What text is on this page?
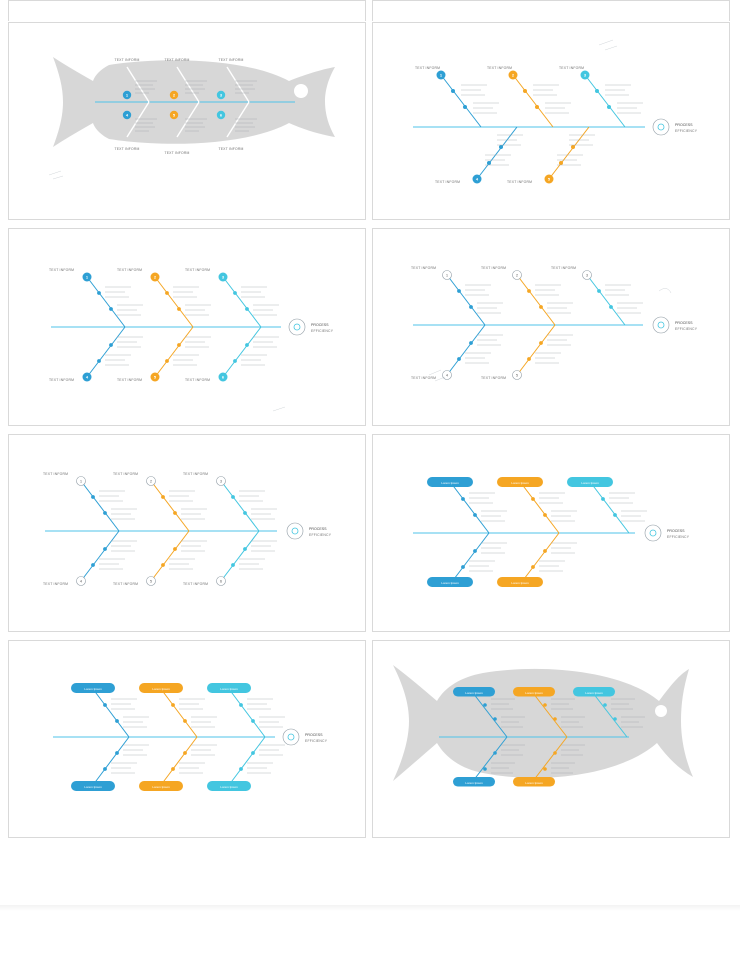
1	2	3
4	5	6
TEXT INFORM	TEXT INFORM	TEXT INFORM
TEXT INFORM
TEXT INFORM
TEXT INFORM
1	2	3
4	5
TEXT INFORM	TEXT INFORM	TEXT INFORM
TEXT INFORM	TEXT INFORM
PROCESS
EFFICIENCY
1	2	3
4	5	6
TEXT INFORM	TEXT INFORM	TEXT INFORM
TEXT INFORM	TEXT INFORM	TEXT INFORM
PROCESS
EFFICIENCY
1	2	3
4	5
TEXT INFORM	TEXT INFORM	TEXT INFORM
TEXT INFORM	TEXT INFORM
PROCESS
EFFICIENCY
1	2	3
4	5	6
TEXT INFORM	TEXT INFORM	TEXT INFORM
TEXT INFORM	TEXT INFORM	TEXT INFORM
PROCESS
EFFICIENCY
Lorem Ipsum	Lorem Ipsum	Lorem Ipsum
Lorem Ipsum	Lorem Ipsum
PROCESS
EFFICIENCY
Lorem Ipsum	Lorem Ipsum	Lorem Ipsum
Lorem Ipsum	Lorem Ipsum	Lorem Ipsum
PROCESS
EFFICIENCY
Lorem Ipsum	Lorem Ipsum	Lorem Ipsum
Lorem Ipsum	Lorem Ipsum
